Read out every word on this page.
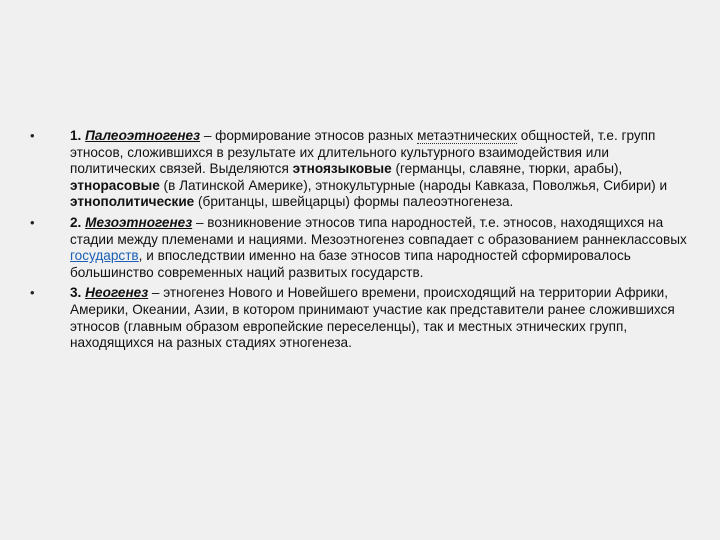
•	1. Палеоэтногенез – формирование этносов разных метаэтнических общностей, т.е. групп этносов, сложившихся в результате их длительного культурного взаимодействия или политических связей. Выделяются этноязыковые (германцы, славяне, тюрки, арабы), этнорасовые (в Латинской Америке), этнокультурные (народы Кавказа, Поволжья, Сибири) и этнополитические (британцы, швейцарцы) формы палеоэтногенеза.
•	2. Мезоэтногенез – возникновение этносов типа народностей, т.е. этносов, находящихся на стадии между племенами и нациями. Мезоэтногенез совпадает с образованием раннеклассовых государств, и впоследствии именно на базе этносов типа народностей сформировалось большинство современных наций развитых государств.
•	3. Неогенез – этногенез Нового и Новейшего времени, происходящий на территории Африки, Америки, Океании, Азии, в котором принимают участие как представители ранее сложившихся этносов (главным образом европейские переселенцы), так и местных этнических групп, находящихся на разных стадиях этногенеза.
